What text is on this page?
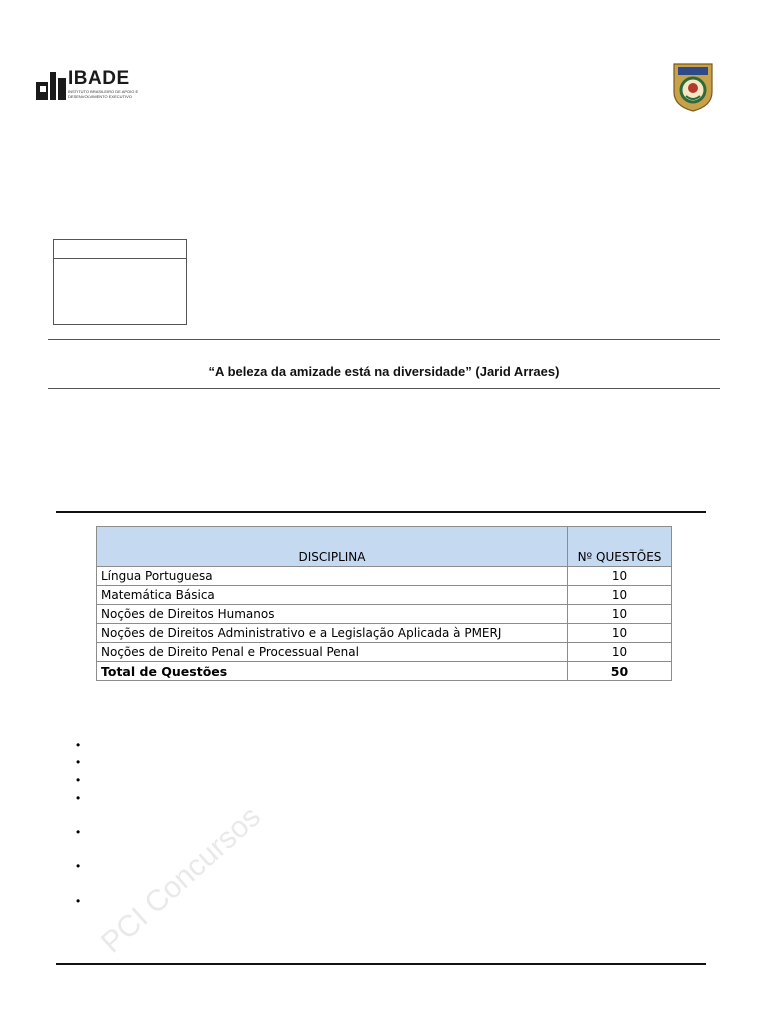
IBADE
INSTITUTO BRASILEIRO DE APOIO E DESENVOLVIMENTO EXECUTIVO
“A beleza da amizade está na diversidade” (Jarid Arraes)
DISCIPLINA	Nº QUESTÕES
Língua Portuguesa	10
Matemática Básica	10
Noções de Direitos Humanos	10
Noções de Direitos Administrativo e a Legislação Aplicada à PMERJ	10
Noções de Direito Penal e Processual Penal	10
Total de Questões	50
•
•
•
•
•
•
• PCI Concursos
